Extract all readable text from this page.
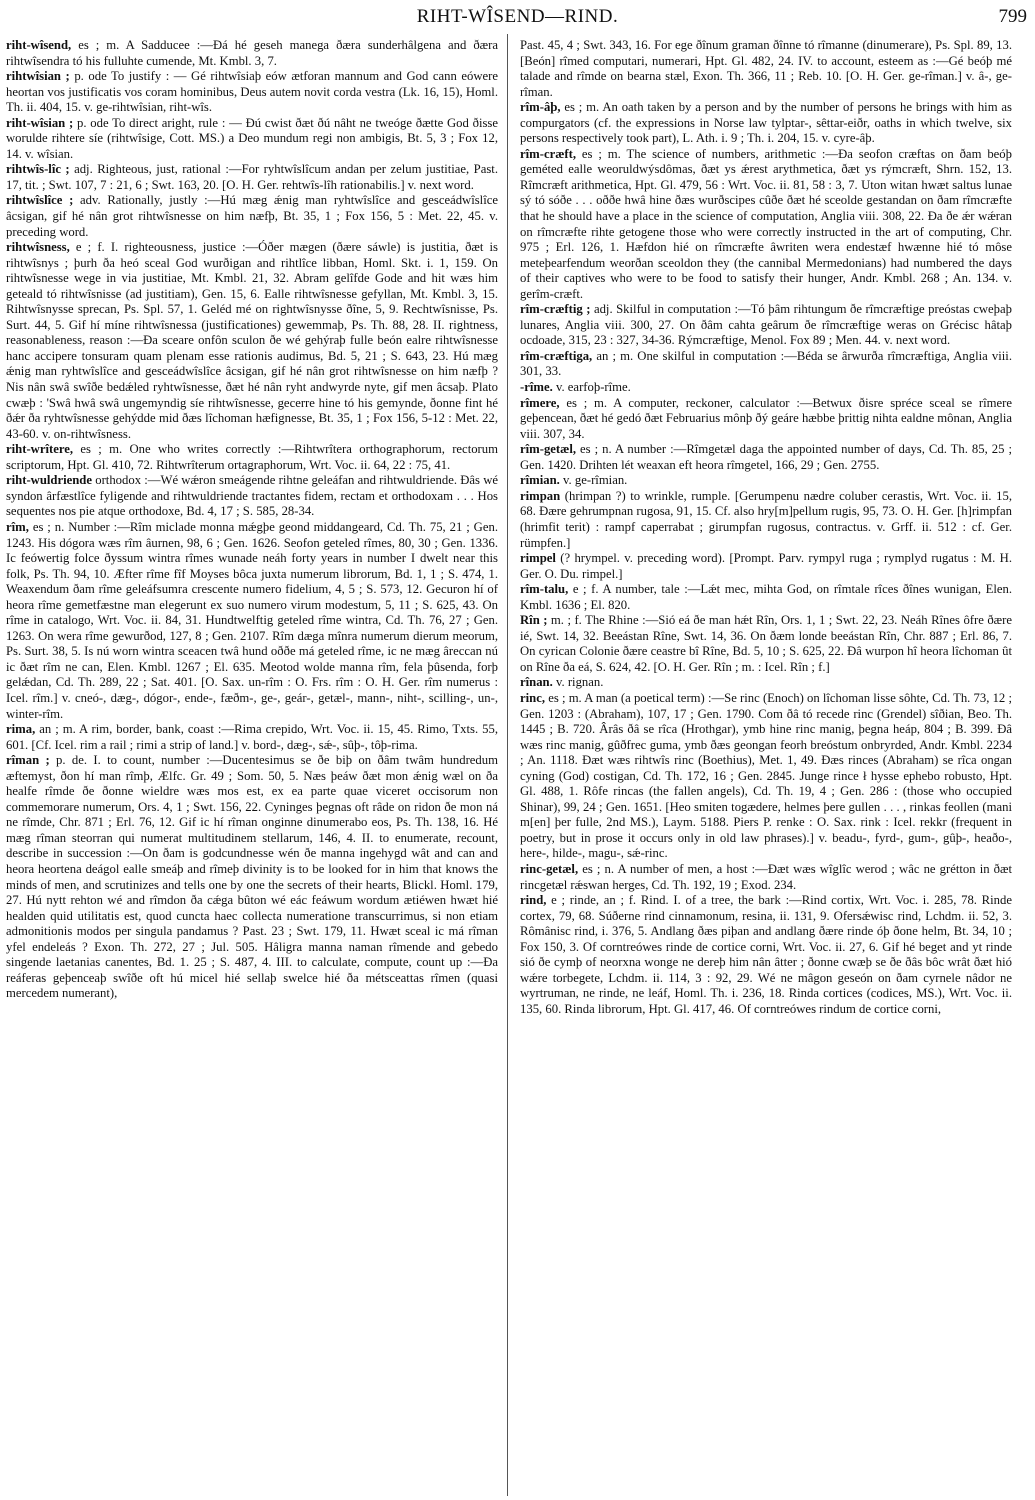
RIHT-WÎSEND—RIND.	799

riht-wîsend, es ; m. A Sadducee :—Ðá hé geseh manega ðæra sunderhâlgena and ðæra rihtwîsendra tó his fulluhte cumende, Mt. Kmbl. 3, 7.

rihtwîsian ; p. ode To justify : — Gé rihtwîsiaþ eów ætforan mannum and God cann eówere heortan vos justificatis vos coram hominibus, Deus autem novit corda vestra (Lk. 16, 15), Homl. Th. ii. 404, 15. v. ge-rihtwîsian, riht-wîs.

riht-wîsian ; p. ode To direct aright, rule : — Ðú cwist ðæt ðú nâht ne tweóge ðætte God ðisse worulde rihtere síe (rihtwîsige, Cott. MS.) a Deo mundum regi non ambigis, Bt. 5, 3 ; Fox 12, 14. v. wîsian.

rihtwîs-lîc ; adj. Righteous, just, rational :—For ryhtwîslîcum andan per zelum justitiae, Past. 17, tit. ; Swt. 107, 7 : 21, 6 ; Swt. 163, 20. [O. H. Ger. rehtwîs-lîh rationabilis.] v. next word.

rihtwîslîce ; adv. Rationally, justly :—Hú mæg ǽnig man ryhtwîslîce and gesceádwîslîce âcsigan, gif hé nân grot rihtwîsnesse on him næfþ, Bt. 35, 1 ; Fox 156, 5 : Met. 22, 45. v. preceding word.

rihtwîsness, e ; f. I. righteousness, justice :—Óðer mægen (ðære sáwle) is justitia, ðæt is rihtwîsnys ; þurh ða heó sceal God wurðigan and rihtlîce libban, Homl. Skt. i. 1, 159. On rihtwîsnesse wege in via justitiae, Mt. Kmbl. 21, 32. Abram gelîfde Gode and hit wæs him geteald tó rihtwîsnisse (ad justitiam), Gen. 15, 6. Ealle rihtwîsnesse gefyllan, Mt. Kmbl. 3, 15. Rihtwîsnysse sprecan, Ps. Spl. 57, 1. Geléd mé on rightwîsnysse ðîne, 5, 9. Rechtwîsnisse, Ps. Surt. 44, 5. Gif hí míne rihtwîsnessa (justificationes) gewemmaþ, Ps. Th. 88, 28. II. rightness, reasonableness, reason :—Ða sceare onfôn sculon ðe wé gehýraþ fulle beón ealre rihtwîsnesse hanc accipere tonsuram quam plenam esse rationis audimus, Bd. 5, 21 ; S. 643, 23. Hú mæg ǽnig man ryhtwîslîce and gesceádwîslîce âcsigan, gif hé nân grot rihtwîsnesse on him næfþ ? Nis nân swâ swîðe bedǽled ryhtwîsnesse, ðæt hé nân ryht andwyrde nyte, gif men âcsaþ. Plato cwæþ : 'Swâ hwâ swâ ungemyndig síe rihtwîsnesse, gecerre hine tó his gemynde, ðonne fint hé ðǽr ða ryhtwîsnesse gehýdde mid ðæs lîchoman hæfignesse, Bt. 35, 1 ; Fox 156, 5-12 : Met. 22, 43-60. v. on-rihtwîsness.

riht-wrîtere, es ; m. One who writes correctly :—Rihtwrîtera orthographorum, rectorum scriptorum, Hpt. Gl. 410, 72. Rihtwrîterum ortagraphorum, Wrt. Voc. ii. 64, 22 : 75, 41.

riht-wuldriende orthodox :—Wé wǽron smeágende rihtne geleáfan and rihtwuldriende. Ðâs wé syndon ârfæstlîce fyligende and rihtwuldriende tractantes fidem, rectam et orthodoxam . . . Hos sequentes nos pie atque orthodoxe, Bd. 4, 17 ; S. 585, 28-34.

rîm, es ; n. Number :—Rîm miclade monna mǽgþe geond middangeard, Cd. Th. 75, 21 ; Gen. 1243. His dógora wæs rîm âurnen, 98, 6 ; Gen. 1626. Seofon geteled rîmes, 80, 30 ; Gen. 1336. Ic feówertig folce ðyssum wintra rîmes wunade neáh forty years in number I dwelt near this folk, Ps. Th. 94, 10. Æfter rîme fîf Moyses bôca juxta numerum librorum, Bd. 1, 1 ; S. 474, 1. Weaxendum ðam rîme geleáfsumra crescente numero fidelium, 4, 5 ; S. 573, 12. Gecuron hí of heora rîme gemetfæstne man elegerunt ex suo numero virum modestum, 5, 11 ; S. 625, 43. On rîme in catalogo, Wrt. Voc. ii. 84, 31. Hundtwelftig geteled rîme wintra, Cd. Th. 76, 27 ; Gen. 1263. On wera rîme gewurðod, 127, 8 ; Gen. 2107. Rîm dæga mînra numerum dierum meorum, Ps. Surt. 38, 5. Is nú worn wintra sceacen twâ hund oððe má geteled rîme, ic ne mæg âreccan nú ic ðæt rîm ne can, Elen. Kmbl. 1267 ; El. 635. Meotod wolde manna rîm, fela þûsenda, forþ gelǽdan, Cd. Th. 289, 22 ; Sat. 401. [O. Sax. un-rîm : O. Frs. rîm : O. H. Ger. rîm numerus : Icel. rîm.] v. cneó-, dæg-, dógor-, ende-, fæðm-, ge-, geár-, getæl-, mann-, niht-, scilling-, un-, winter-rîm.

rima, an ; m. A rim, border, bank, coast :—Rima crepido, Wrt. Voc. ii. 15, 45. Rimo, Txts. 55, 601. [Cf. Icel. rim a rail ; rimi a strip of land.] v. bord-, dæg-, sǽ-, sûþ-, tôþ-rima.

rîman ; p. de. I. to count, number :—Ducentesimus se ðe biþ on ðâm twâm hundredum æftemyst, ðon hí man rîmþ, Ælfc. Gr. 49 ; Som. 50, 5. Næs þeáw ðæt mon ǽnig wæl on ða healfe rîmde ðe ðonne wieldre wæs mos est, ex ea parte quae viceret occisorum non commemorare numerum, Ors. 4, 1 ; Swt. 156, 22. Cyninges þegnas oft râde on ridon ðe mon ná ne rîmde, Chr. 871 ; Erl. 76, 12. Gif ic hí rîman onginne dinumerabo eos, Ps. Th. 138, 16. Hé mæg rîman steorran qui numerat multitudinem stellarum, 146, 4. II. to enumerate, recount, describe in succession :—On ðam is godcundnesse wén ðe manna ingehygd wât and can and heora heortena deágol ealle smeáþ and rîmeþ divinity is to be looked for in him that knows the minds of men, and scrutinizes and tells one by one the secrets of their hearts, Blickl. Homl. 179, 27. Hú nytt rehton wé and rîmdon ða cǽga bûton wé eác feáwum wordum ætiéwen hwæt hié healden quid utilitatis est, quod cuncta haec collecta numeratione transcurrimus, si non etiam admonitionis modos per singula pandamus ? Past. 23 ; Swt. 179, 11. Hwæt sceal ic má rîman yfel endeleás ? Exon. Th. 272, 27 ; Jul. 505. Hâligra manna naman rîmende and gebedo singende laetanias canentes, Bd. 1. 25 ; S. 487, 4. III. to calculate, compute, count up :—Ða reáferas geþenceaþ swîðe oft hú micel hié sellaþ swelce hié ða métsceattas rîmen (quasi mercedem numerant),

Past. 45, 4 ; Swt. 343, 16. For ege ðînum graman ðînne tó rîmanne (dinumerare), Ps. Spl. 89, 13. [Beón] rîmed computari, numerari, Hpt. Gl. 482, 24. IV. to account, esteem as :—Gé beóþ mé talade and rîmde on bearna stæl, Exon. Th. 366, 11 ; Reb. 10. [O. H. Ger. ge-rîman.] v. â-, ge-rîman.

rîm-âþ, es ; m. An oath taken by a person and by the number of persons he brings with him as compurgators (cf. the expressions in Norse law tylptar-, sêttar-eiðr, oaths in which twelve, six persons respectively took part), L. Ath. i. 9 ; Th. i. 204, 15. v. cyre-âþ.

rîm-cræft, es ; m. The science of numbers, arithmetic :—Ða seofon cræftas on ðam beóþ geméted ealle weoruldwýsdômas, ðæt ys ǽrest arythmetica, ðæt ys rýmcræft, Shrn. 152, 13. Rîmcræft arithmetica, Hpt. Gl. 479, 56 : Wrt. Voc. ii. 81, 58 : 3, 7. Uton witan hwæt saltus lunae sý tó sóðe . . . oððe hwâ hine ðæs wurðscipes cûðe ðæt hé sceolde gestandan on ðam rîmcræfte that he should have a place in the science of computation, Anglia viii. 308, 22. Ða ðe ǽr wǽran on rîmcræfte rihte getogene those who were correctly instructed in the art of computing, Chr. 975 ; Erl. 126, 1. Hæfdon hié on rîmcræfte âwriten wera endestæf hwænne hié tó môse meteþearfendum weorðan sceoldon they (the cannibal Mermedonians) had numbered the days of their captives who were to be food to satisfy their hunger, Andr. Kmbl. 268 ; An. 134. v. gerîm-cræft.

rîm-cræftig ; adj. Skilful in computation :—Tó þâm rihtungum ðe rîmcræftige preóstas cweþaþ lunares, Anglia viii. 300, 27. On ðâm cahta geârum ðe rîmcræftige weras on Grécisc hâtaþ ocdoade, 315, 23 : 327, 34-36. Rýmcræftige, Menol. Fox 89 ; Men. 44. v. next word.

rîm-cræftiga, an ; m. One skilful in computation :—Béda se ârwurða rîmcræftiga, Anglia viii. 301, 33.

-rîme. v. earfoþ-rîme.

rîmere, es ; m. A computer, reckoner, calculator :—Betwux ðisre spréce sceal se rîmere geþencean, ðæt hé gedó ðæt Februarius mônþ ðý geáre hæbbe þrittig nihta ealdne mônan, Anglia viii. 307, 34.

rîm-getæl, es ; n. A number :—Rîmgetæl daga the appointed number of days, Cd. Th. 85, 25 ; Gen. 1420. Drihten lét weaxan eft heora rîmgetel, 166, 29 ; Gen. 2755.

rîmian. v. ge-rîmian.

rimpan (hrimpan ?) to wrinkle, rumple. [Gerumpenu nædre coluber cerastis, Wrt. Voc. ii. 15, 68. Ðære gehrumpnan rugosa, 91, 15. Cf. also hry[m]pellum rugis, 95, 73. O. H. Ger. [h]rimpfan (hrimfit terit) : rampf caperrabat ; girumpfan rugosus, contractus. v. Grff. ii. 512 : cf. Ger. rümpfen.]

rimpel (? hrympel. v. preceding word). [Prompt. Parv. rympyl ruga ; rymplyd rugatus : M. H. Ger. O. Du. rimpel.]

rîm-talu, e ; f. A number, tale :—Lǽt mec, mihta God, on rîmtale rîces ðînes wunigan, Elen. Kmbl. 1636 ; El. 820.

Rîn ; m. ; f. The Rhine :—Sió eá ðe man hǽt Rîn, Ors. 1, 1 ; Swt. 22, 23. Neáh Rînes ôfre ðære ié, Swt. 14, 32. Beeástan Rîne, Swt. 14, 36. On ðæm londe beeástan Rîn, Chr. 887 ; Erl. 86, 7. On cyrican Colonie ðære ceastre bî Rîne, Bd. 5, 10 ; S. 625, 22. Ðâ wurpon hî heora lîchoman ût on Rîne ða eá, S. 624, 42. [O. H. Ger. Rîn ; m. : Icel. Rîn ; f.]

rînan. v. rignan.

rinc, es ; m. A man (a poetical term) :—Se rinc (Enoch) on lîchoman lisse sôhte, Cd. Th. 73, 12 ; Gen. 1203 : (Abraham), 107, 17 ; Gen. 1790. Com ðâ tó recede rinc (Grendel) sîðian, Beo. Th. 1445 ; B. 720. Ârâs ðâ se rîca (Hrothgar), ymb hine rinc manig, þegna heáp, 804 ; B. 399. Ðâ wæs rinc manig, gûðfrec guma, ymb ðæs geongan feorh breóstum onbryrded, Andr. Kmbl. 2234 ; An. 1118. Ðæt wæs rihtwîs rinc (Boethius), Met. 1, 49. Ðæs rinces (Abraham) se rîca ongan cyning (God) costigan, Cd. Th. 172, 16 ; Gen. 2845. Junge rince ł hysse ephebo robusto, Hpt. Gl. 488, 1. Rôfe rincas (the fallen angels), Cd. Th. 19, 4 ; Gen. 286 : (those who occupied Shinar), 99, 24 ; Gen. 1651. [Heo smiten togædere, helmes þere gullen . . . , rinkas feollen (mani m[en] þer fulle, 2nd MS.), Laym. 5188. Piers P. renke : O. Sax. rink : Icel. rekkr (frequent in poetry, but in prose it occurs only in old law phrases).] v. beadu-, fyrd-, gum-, gûþ-, heaðo-, here-, hilde-, magu-, sǽ-rinc.

rinc-getæl, es ; n. A number of men, a host :—Ðæt wæs wîglîc werod ; wâc ne grétton in ðæt rincgetæl rǽswan herges, Cd. Th. 192, 19 ; Exod. 234.

rind, e ; rinde, an ; f. Rind. I. of a tree, the bark :—Rind cortix, Wrt. Voc. i. 285, 78. Rinde cortex, 79, 68. Súðerne rind cinnamonum, resina, ii. 131, 9. Ofersǽwisc rind, Lchdm. ii. 52, 3. Rômânisc rind, i. 376, 5. Andlang ðæs piþan and andlang ðære rinde óþ ðone helm, Bt. 34, 10 ; Fox 150, 3. Of corntreówes rinde de cortice corni, Wrt. Voc. ii. 27, 6. Gif hé beget and yt rinde sió ðe cymþ of neorxna wonge ne dereþ him nân âtter ; ðonne cwæþ se ðe ðâs bôc wrât ðæt hió wǽre torbegete, Lchdm. ii. 114, 3 : 92, 29. Wé ne mâgon geseón on ðam cyrnele nâdor ne wyrtruman, ne rinde, ne leáf, Homl. Th. i. 236, 18. Rinda cortices (codices, MS.), Wrt. Voc. ii. 135, 60. Rinda librorum, Hpt. Gl. 417, 46. Of corntreówes rindum de cortice corni,
